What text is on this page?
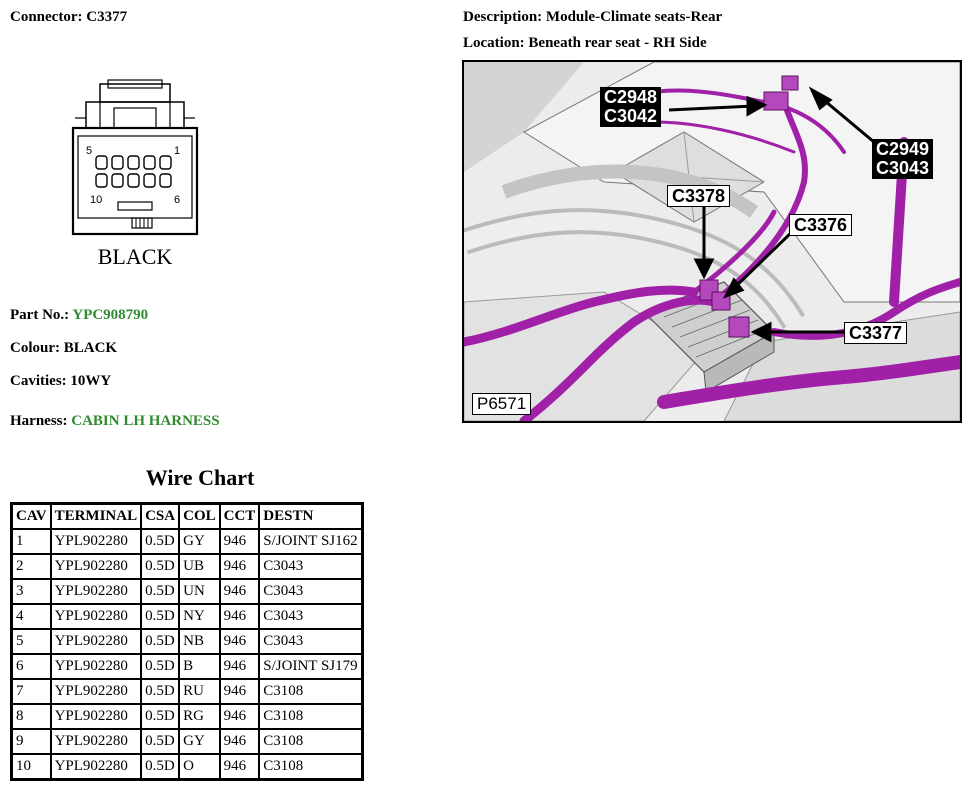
Connector: C3377	Description: Module-Climate seats-Rear
Location: Beneath rear seat - RH Side
5	1
10	6
BLACK
Part No.: YPC908790
Colour: BLACK
Cavities: 10WY
Harness: CABIN LH HARNESS
C2948
C3042
C2949
C3043
C3378
C3376
C3377
P6571
Wire Chart
CAV	TERMINAL	CSA	COL	CCT	DESTN
1	YPL902280	0.5D	GY	946	S/JOINT SJ162
2	YPL902280	0.5D	UB	946	C3043
3	YPL902280	0.5D	UN	946	C3043
4	YPL902280	0.5D	NY	946	C3043
5	YPL902280	0.5D	NB	946	C3043
6	YPL902280	0.5D	B	946	S/JOINT SJ179
7	YPL902280	0.5D	RU	946	C3108
8	YPL902280	0.5D	RG	946	C3108
9	YPL902280	0.5D	GY	946	C3108
10	YPL902280	0.5D	O	946	C3108
